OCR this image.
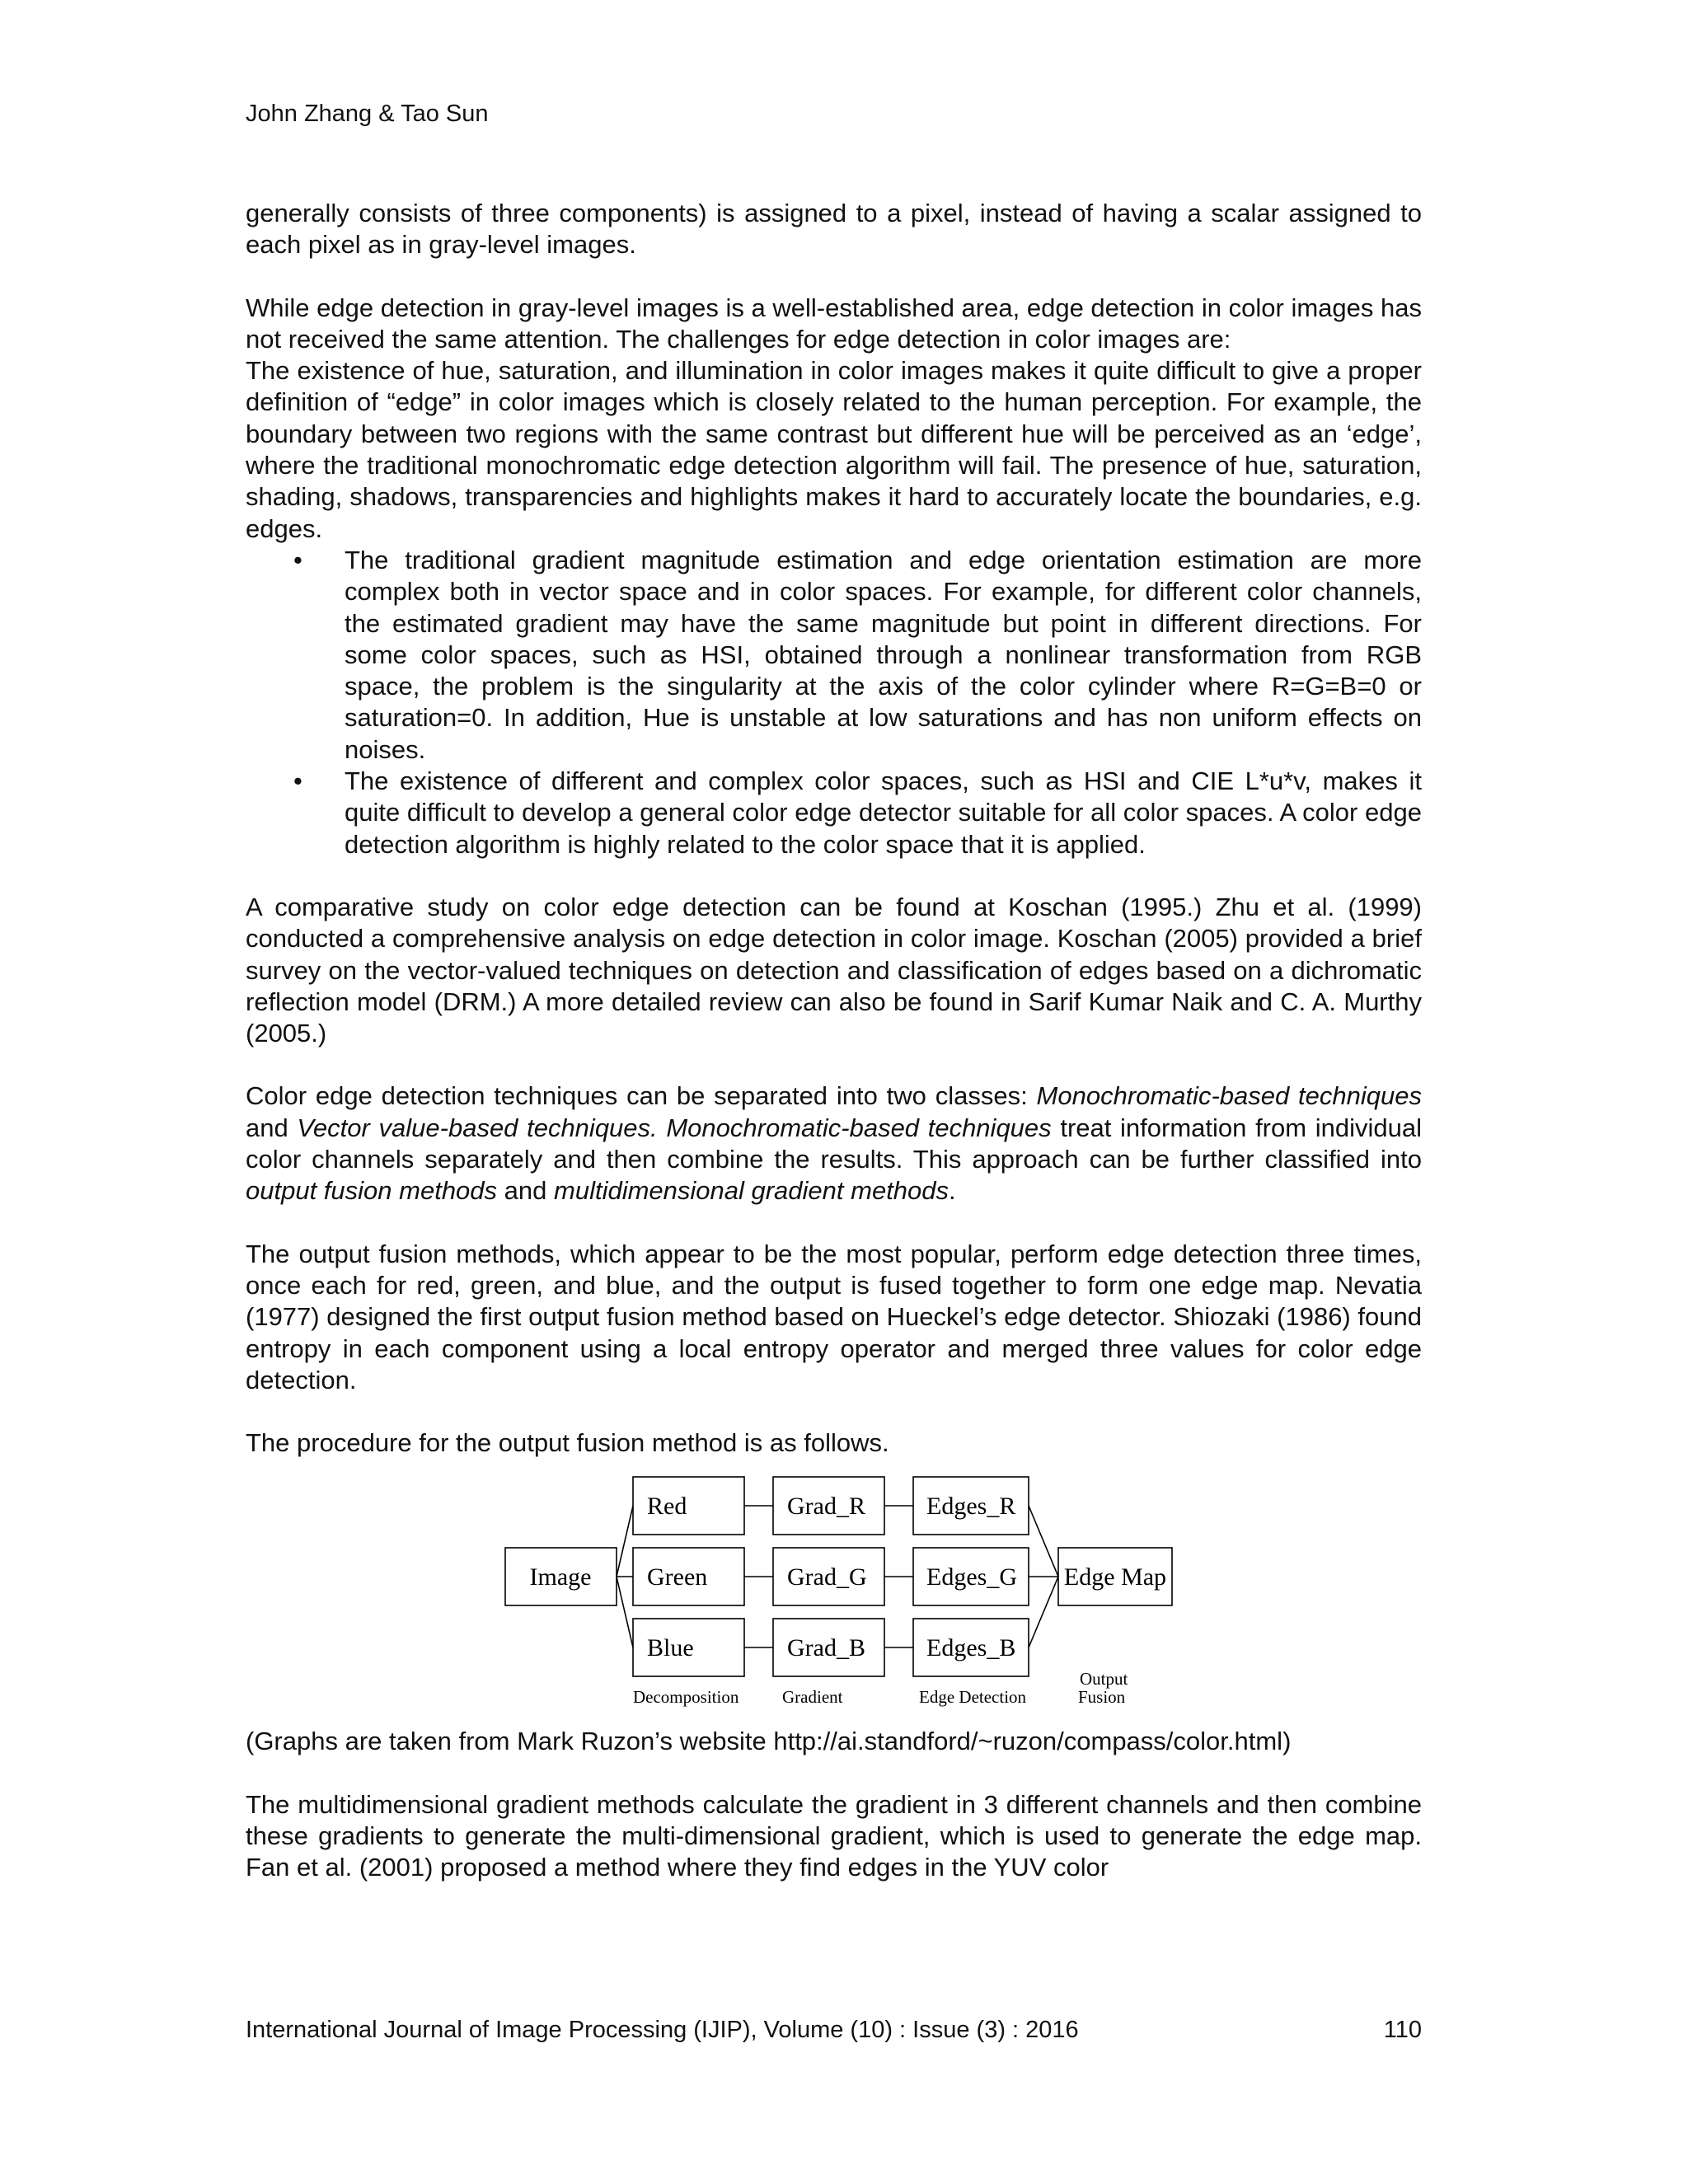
John Zhang & Tao Sun

generally consists of three components) is assigned to a pixel, instead of having a scalar assigned to each pixel as in gray-level images.

While edge detection in gray-level images is a well-established area, edge detection in color images has not received the same attention. The challenges for edge detection in color images are:

The existence of hue, saturation, and illumination in color images makes it quite difficult to give a proper definition of “edge” in color images which is closely related to the human perception. For example, the boundary between two regions with the same contrast but different hue will be perceived as an ‘edge’, where the traditional monochromatic edge detection algorithm will fail. The presence of hue, saturation, shading, shadows, transparencies and highlights makes it hard to accurately locate the boundaries, e.g. edges.

• The traditional gradient magnitude estimation and edge orientation estimation are more complex both in vector space and in color spaces. For example, for different color channels, the estimated gradient may have the same magnitude but point in different directions. For some color spaces, such as HSI, obtained through a nonlinear transformation from RGB space, the problem is the singularity at the axis of the color cylinder where R=G=B=0 or saturation=0. In addition, Hue is unstable at low saturations and has non uniform effects on noises.
• The existence of different and complex color spaces, such as HSI and CIE L*u*v, makes it quite difficult to develop a general color edge detector suitable for all color spaces. A color edge detection algorithm is highly related to the color space that it is applied.

A comparative study on color edge detection can be found at Koschan (1995.) Zhu et al. (1999) conducted a comprehensive analysis on edge detection in color image. Koschan (2005) provided a brief survey on the vector-valued techniques on detection and classification of edges based on a dichromatic reflection model (DRM.) A more detailed review can also be found in Sarif Kumar Naik and C. A. Murthy (2005.)

Color edge detection techniques can be separated into two classes: Monochromatic-based techniques and Vector value-based techniques. Monochromatic-based techniques treat information from individual color channels separately and then combine the results. This approach can be further classified into output fusion methods and multidimensional gradient methods.

The output fusion methods, which appear to be the most popular, perform edge detection three times, once each for red, green, and blue, and the output is fused together to form one edge map. Nevatia (1977) designed the first output fusion method based on Hueckel’s edge detector. Shiozaki (1986) found entropy in each component using a local entropy operator and merged three values for color edge detection.

The procedure for the output fusion method is as follows.

Image
Red
Green
Blue
Grad_R
Grad_G
Grad_B
Edges_R
Edges_G
Edges_B
Edge Map
Decomposition	Gradient	Edge Detection
Output
Fusion

(Graphs are taken from Mark Ruzon’s website http://ai.standford/~ruzon/compass/color.html)

The multidimensional gradient methods calculate the gradient in 3 different channels and then combine these gradients to generate the multi-dimensional gradient, which is used to generate the edge map. Fan et al. (2001) proposed a method where they find edges in the YUV color

International Journal of Image Processing (IJIP), Volume (10) : Issue (3) : 2016	110
